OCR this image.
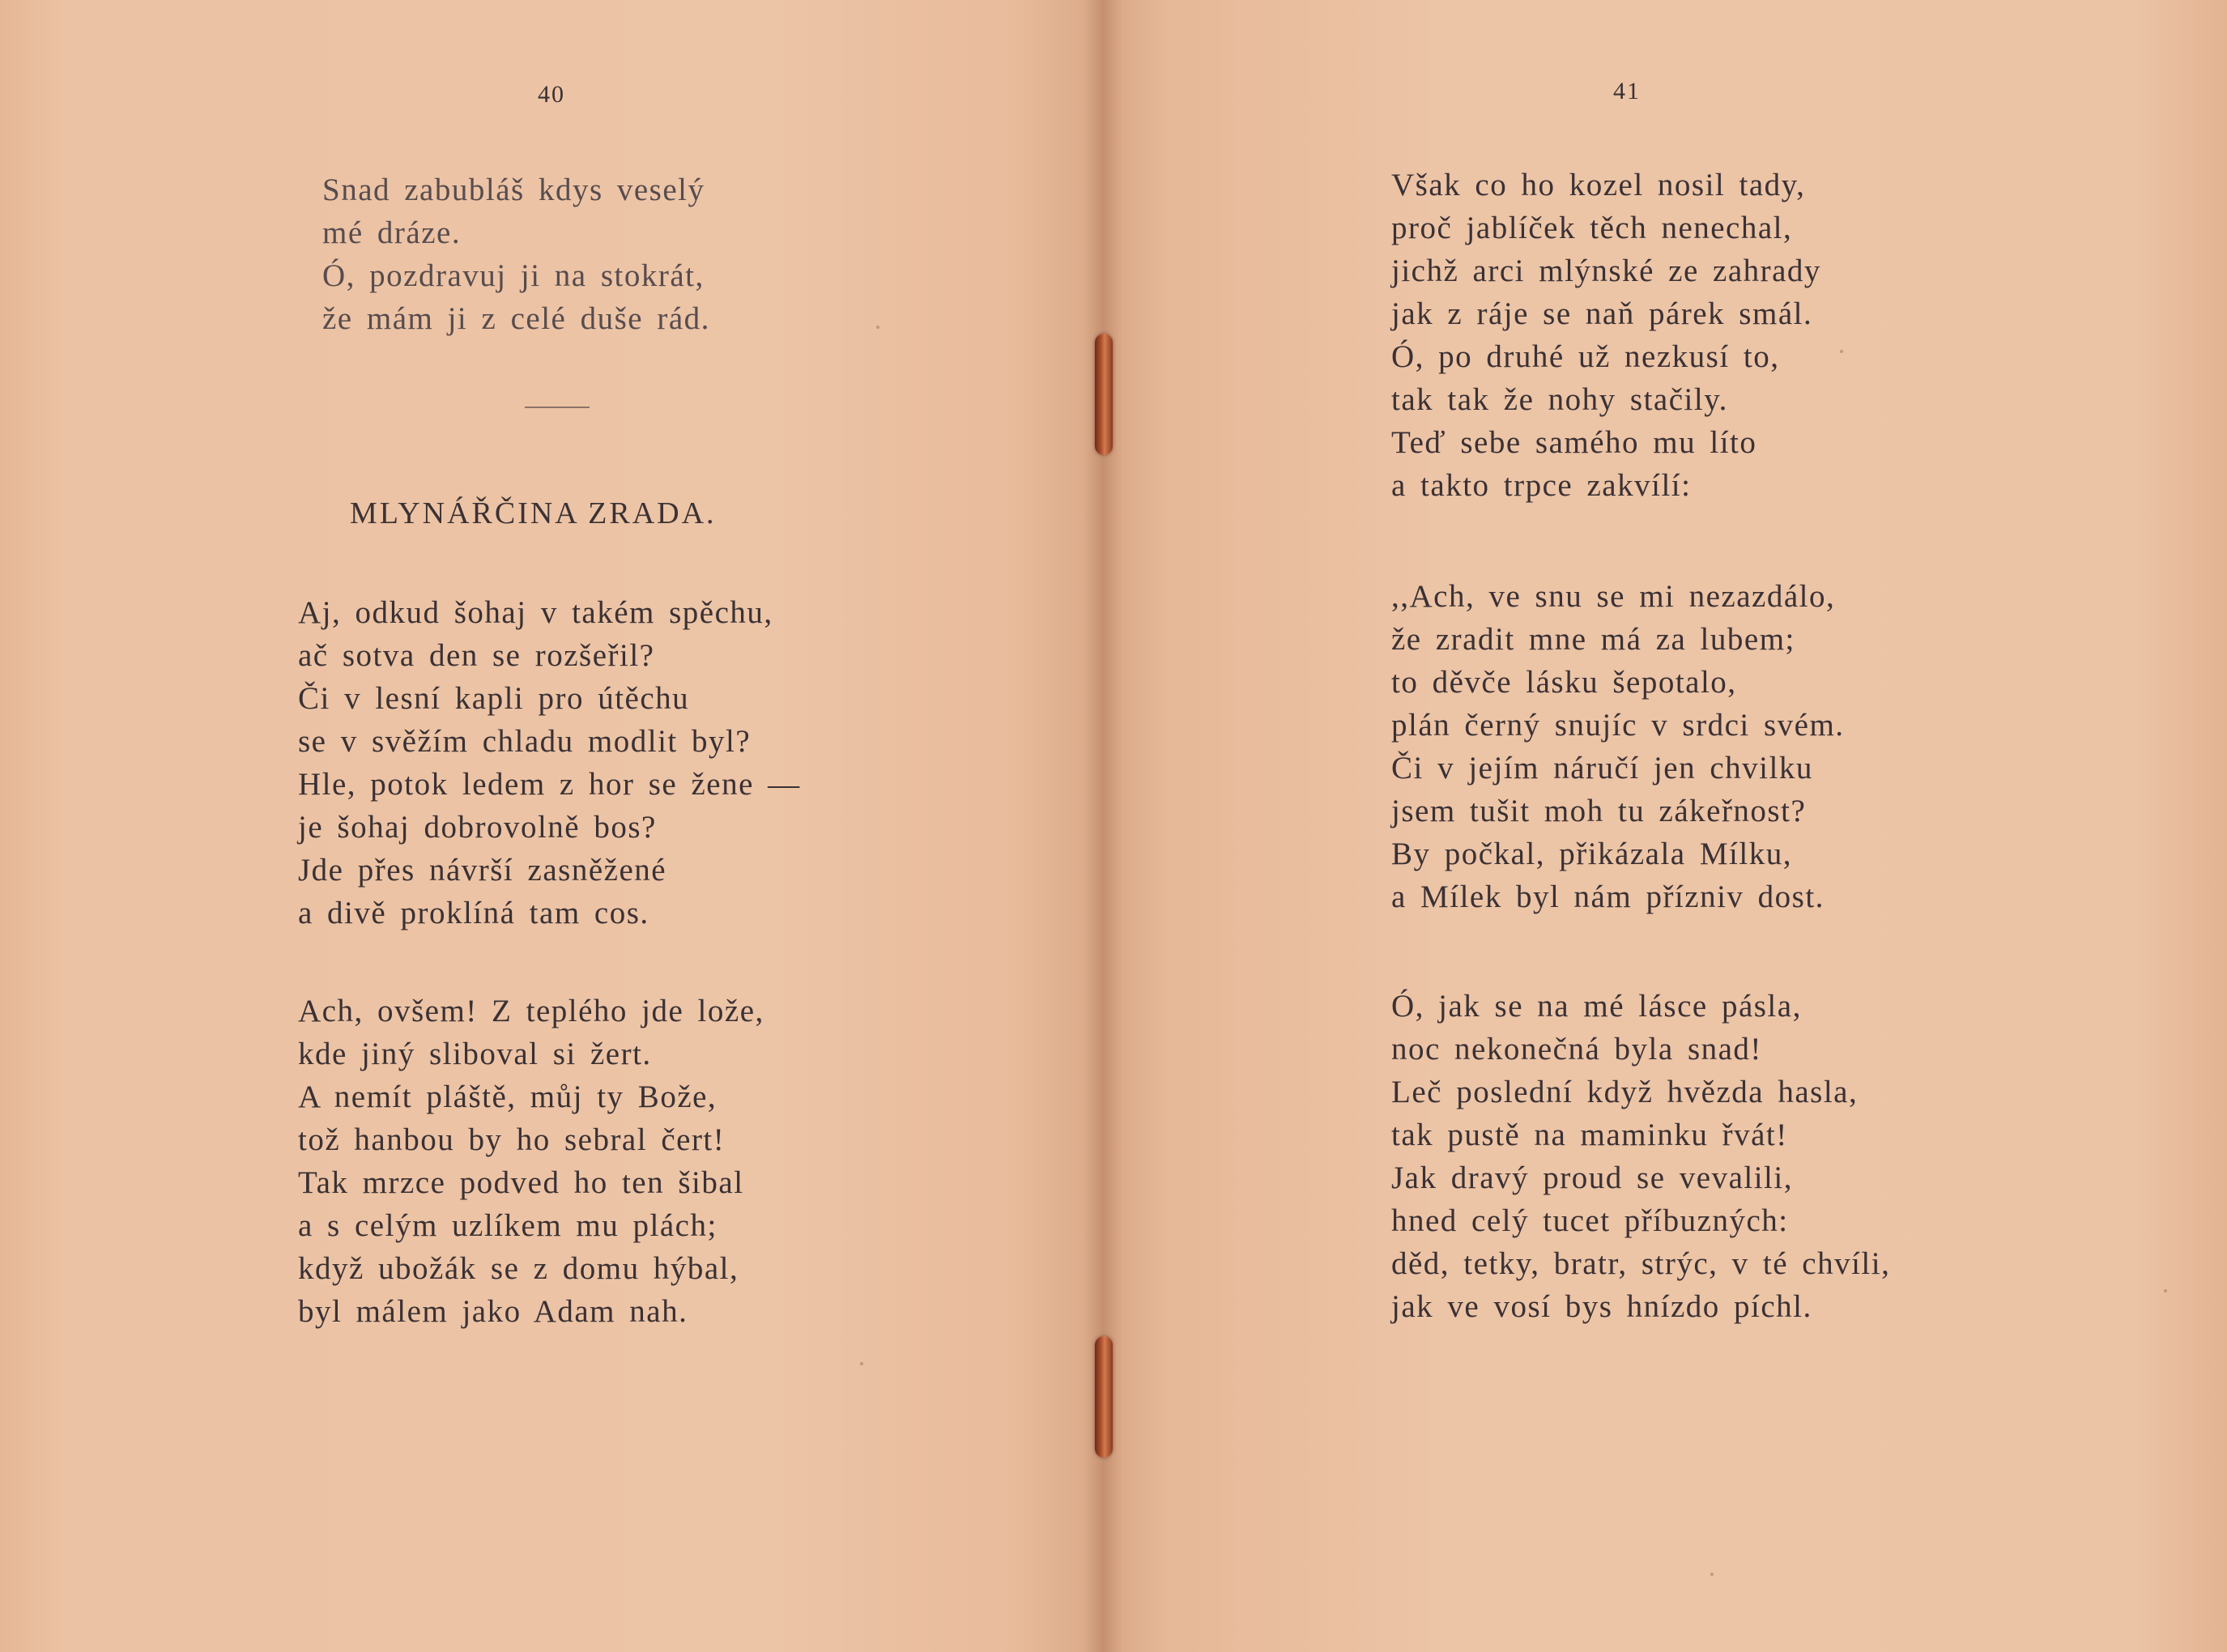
40
Snad zabubláš kdys veselý
mé dráze.
Ó, pozdravuj ji na stokrát,
že mám ji z celé duše rád.
MLYNÁŘČINA ZRADA.
Aj, odkud šohaj v takém spěchu,
ač sotva den se rozšeřil?
Či v lesní kapli pro útěchu
se v svěžím chladu modlit byl?
Hle, potok ledem z hor se žene —
je šohaj dobrovolně bos?
Jde přes návrší zasněžené
a divě proklíná tam cos.
Ach, ovšem! Z teplého jde lože,
kde jiný sliboval si žert.
A nemít pláště, můj ty Bože,
tož hanbou by ho sebral čert!
Tak mrzce podved ho ten šibal
a s celým uzlíkem mu plách;
když ubožák se z domu hýbal,
byl málem jako Adam nah.
41
Však co ho kozel nosil tady,
proč jablíček těch nenechal,
jichž arci mlýnské ze zahrady
jak z ráje se naň párek smál.
Ó, po druhé už nezkusí to,
tak tak že nohy stačily.
Teď sebe samého mu líto
a takto trpce zakvílí:
,,Ach, ve snu se mi nezazdálo,
že zradit mne má za lubem;
to děvče lásku šepotalo,
plán černý snujíc v srdci svém.
Či v jejím náručí jen chvilku
jsem tušit moh tu zákeřnost?
By počkal, přikázala Mílku,
a Mílek byl nám přízniv dost.
Ó, jak se na mé lásce pásla,
noc nekonečná byla snad!
Leč poslední když hvězda hasla,
tak pustě na maminku řvát!
Jak dravý proud se vevalili,
hned celý tucet příbuzných:
děd, tetky, bratr, strýc, v té chvíli,
jak ve vosí bys hnízdo píchl.
